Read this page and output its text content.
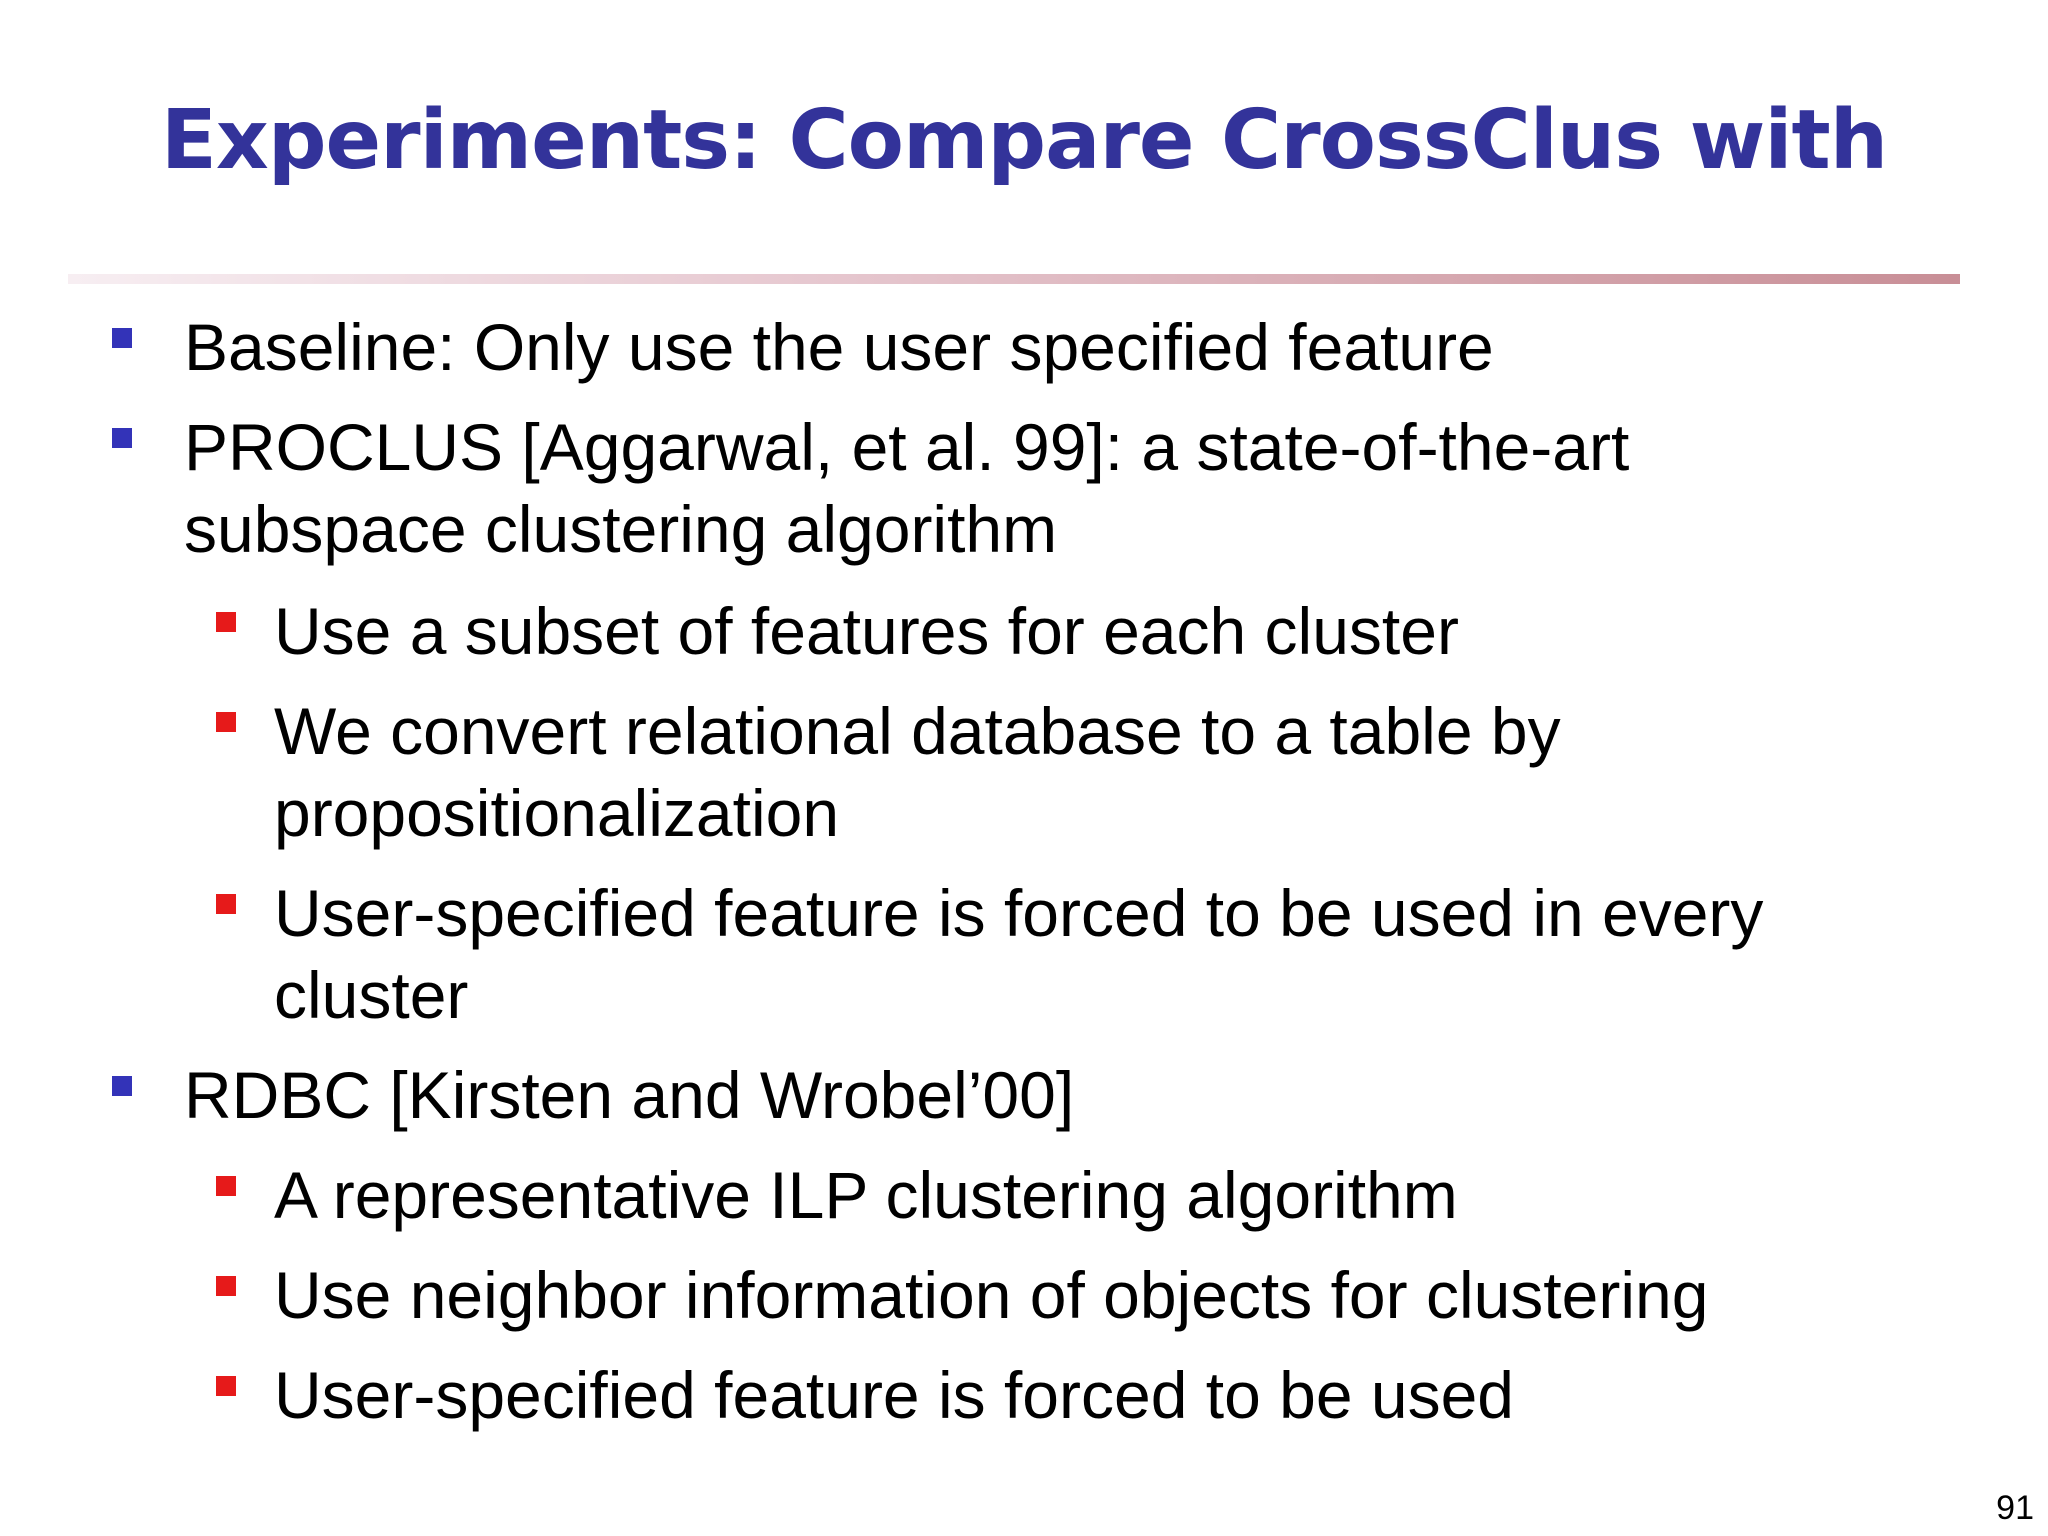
Experiments: Compare CrossClus with
Baseline: Only use the user specified feature
PROCLUS [Aggarwal, et al. 99]: a state-of-the-art subspace clustering algorithm
Use a subset of features for each cluster
We convert relational database to a table by propositionalization
User-specified feature is forced to be used in every cluster
RDBC [Kirsten and Wrobel’00]
A representative ILP clustering algorithm
Use neighbor information of objects for clustering
User-specified feature is forced to be used
91
